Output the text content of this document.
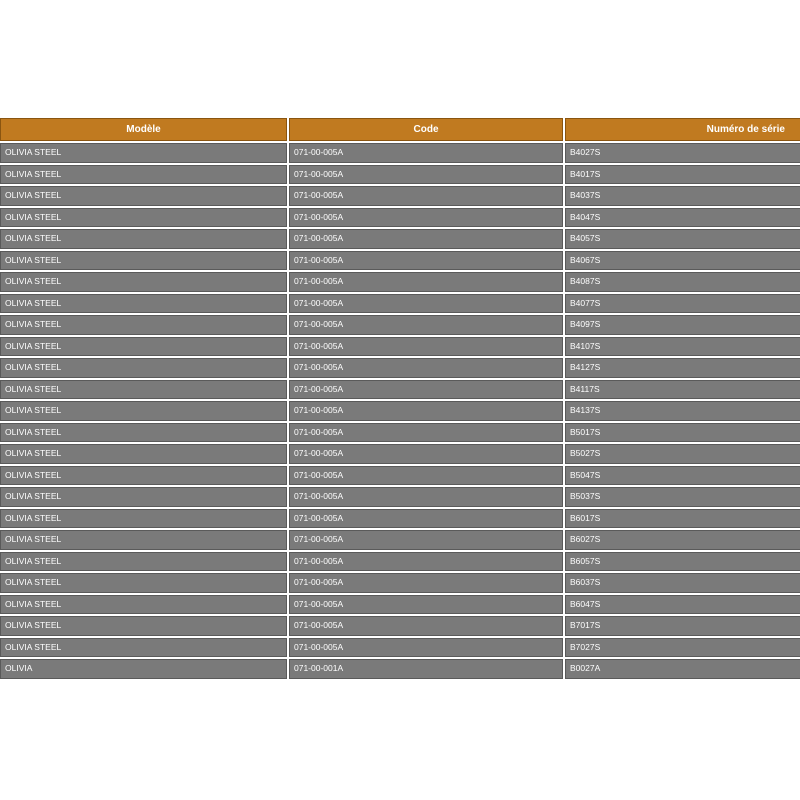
Modèle	Code	Numéro de série
OLIVIA STEEL	071-00-005A	B4027S
OLIVIA STEEL	071-00-005A	B4017S
OLIVIA STEEL	071-00-005A	B4037S
OLIVIA STEEL	071-00-005A	B4047S
OLIVIA STEEL	071-00-005A	B4057S
OLIVIA STEEL	071-00-005A	B4067S
OLIVIA STEEL	071-00-005A	B4087S
OLIVIA STEEL	071-00-005A	B4077S
OLIVIA STEEL	071-00-005A	B4097S
OLIVIA STEEL	071-00-005A	B4107S
OLIVIA STEEL	071-00-005A	B4127S
OLIVIA STEEL	071-00-005A	B4117S
OLIVIA STEEL	071-00-005A	B4137S
OLIVIA STEEL	071-00-005A	B5017S
OLIVIA STEEL	071-00-005A	B5027S
OLIVIA STEEL	071-00-005A	B5047S
OLIVIA STEEL	071-00-005A	B5037S
OLIVIA STEEL	071-00-005A	B6017S
OLIVIA STEEL	071-00-005A	B6027S
OLIVIA STEEL	071-00-005A	B6057S
OLIVIA STEEL	071-00-005A	B6037S
OLIVIA STEEL	071-00-005A	B6047S
OLIVIA STEEL	071-00-005A	B7017S
OLIVIA STEEL	071-00-005A	B7027S
OLIVIA	071-00-001A	B0027A
